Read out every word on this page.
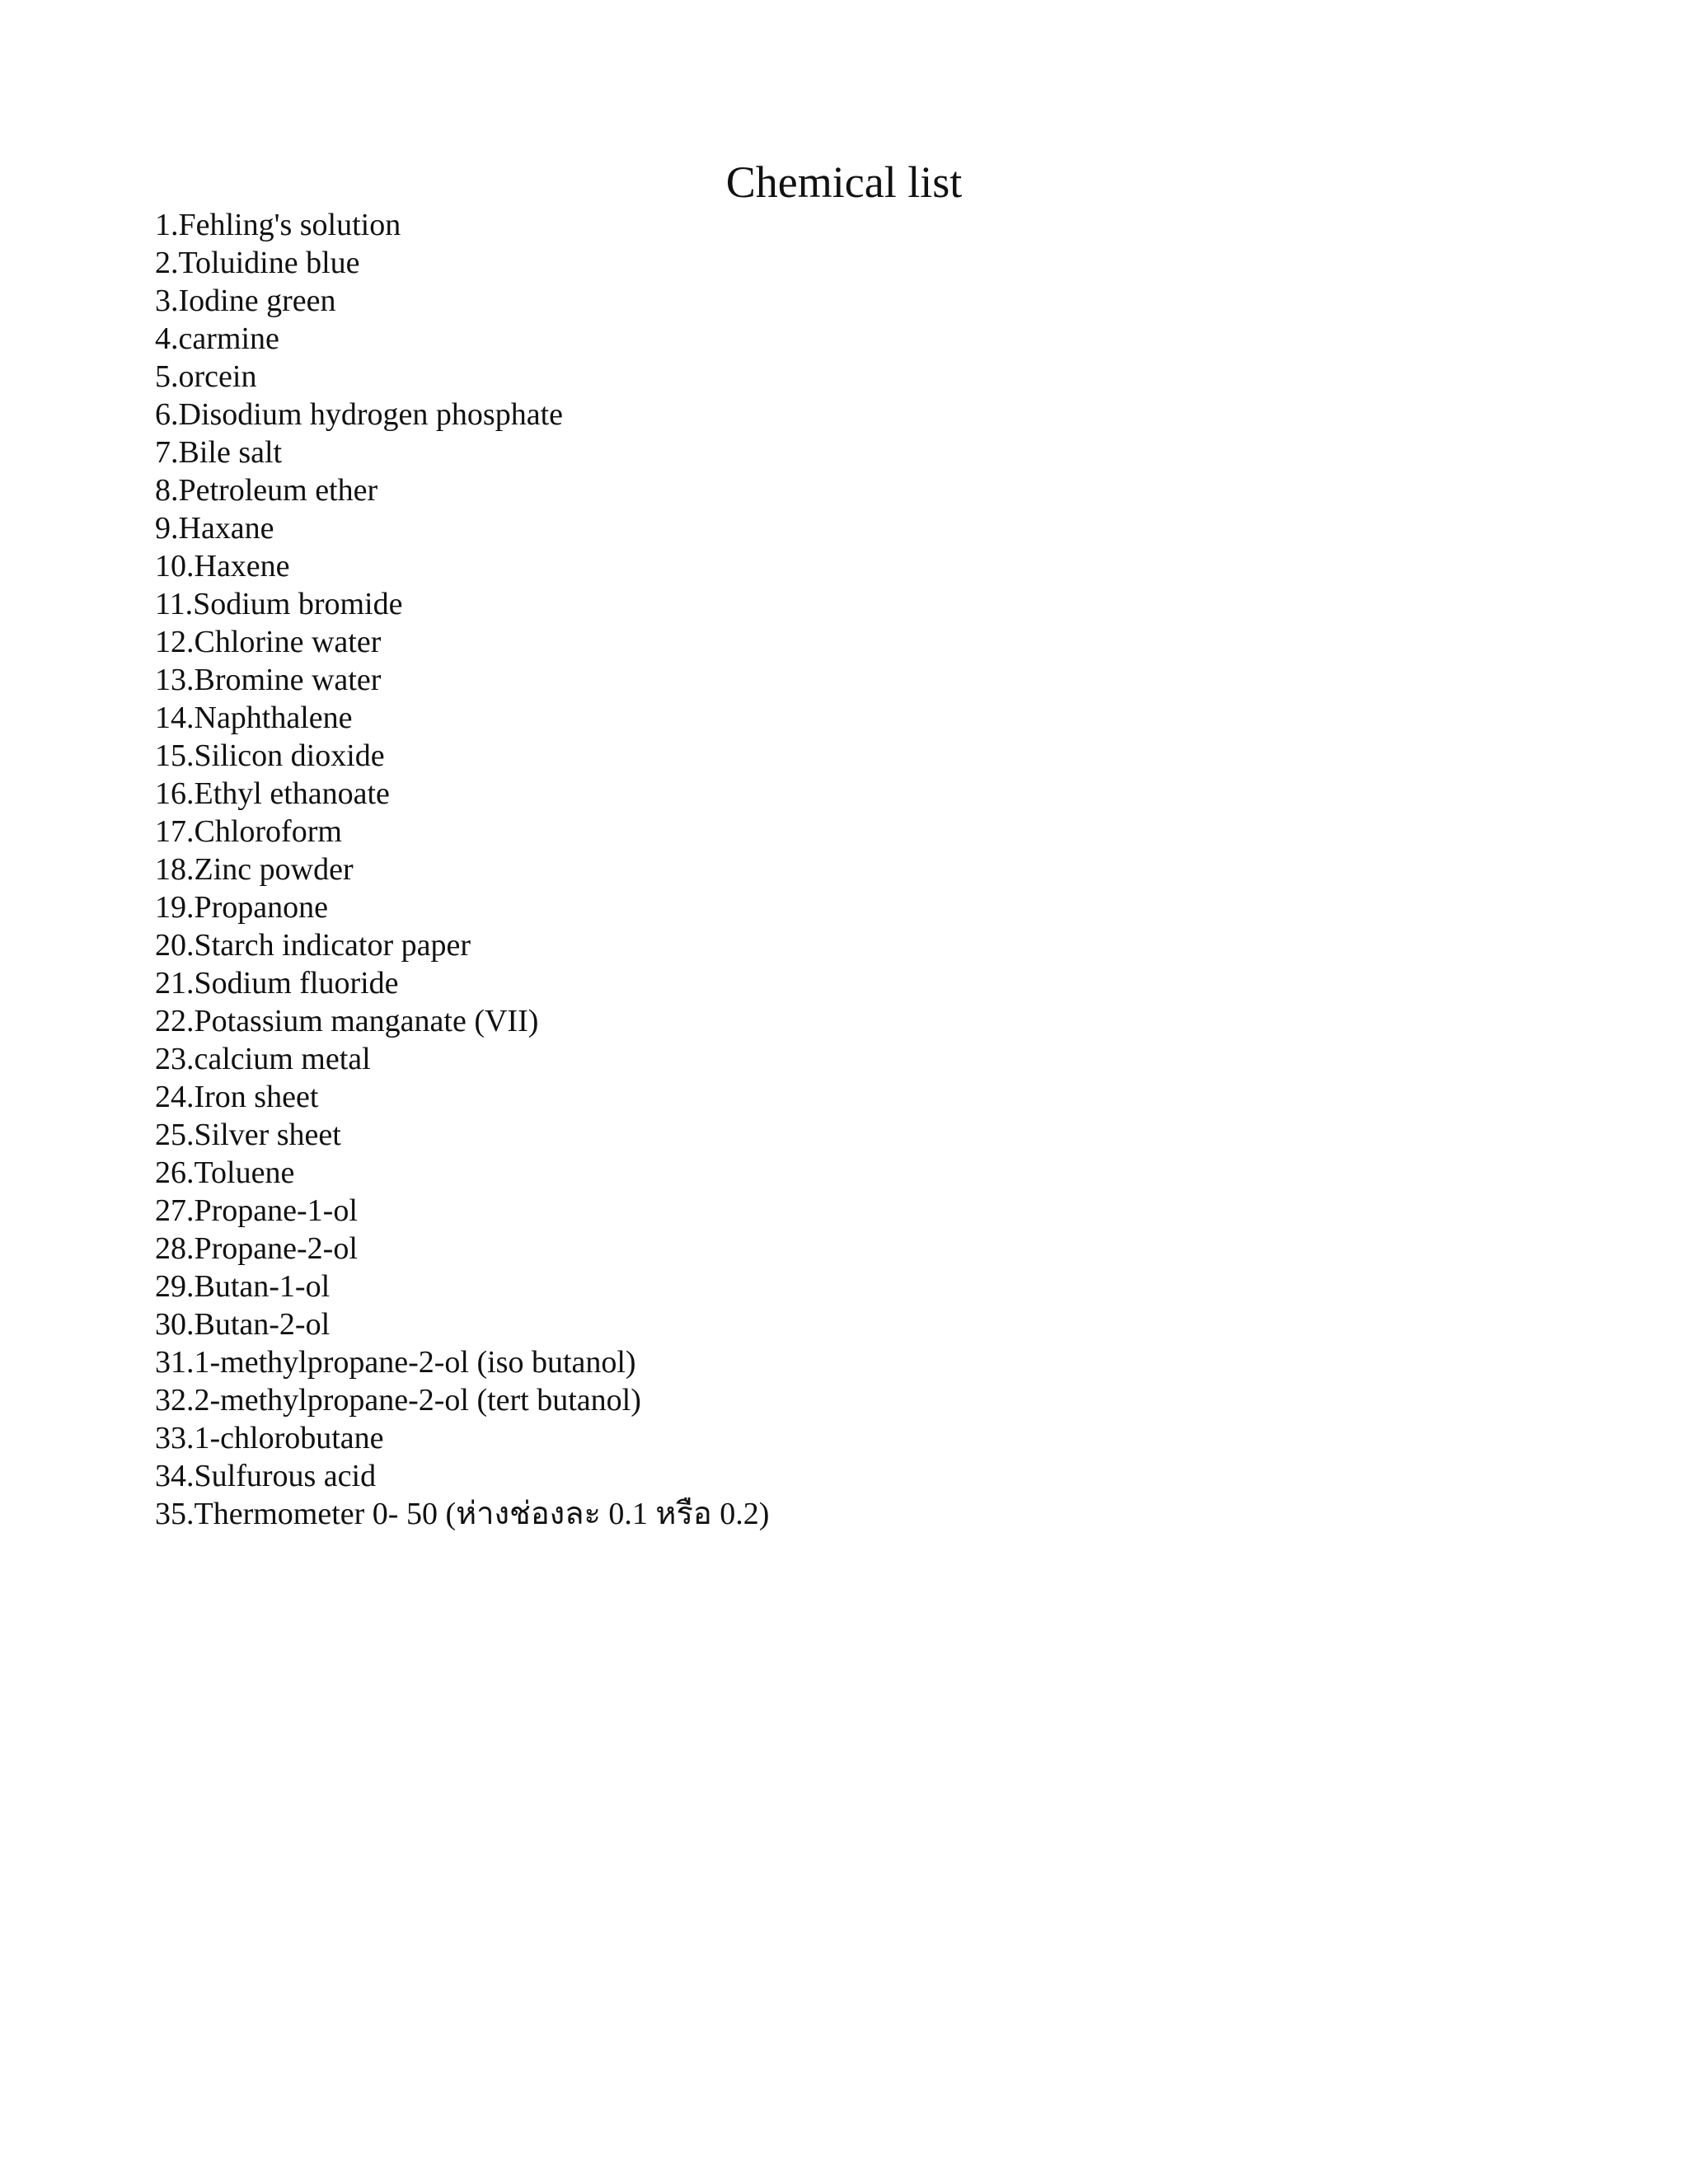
Chemical list
1.Fehling's solution
2.Toluidine blue
3.Iodine green
4.carmine
5.orcein
6.Disodium hydrogen phosphate
7.Bile salt
8.Petroleum ether
9.Haxane
10.Haxene
11.Sodium bromide
12.Chlorine water
13.Bromine water
14.Naphthalene
15.Silicon dioxide
16.Ethyl ethanoate
17.Chloroform
18.Zinc powder
19.Propanone
20.Starch indicator paper
21.Sodium fluoride
22.Potassium manganate (VII)
23.calcium metal
24.Iron sheet
25.Silver sheet
26.Toluene
27.Propane-1-ol
28.Propane-2-ol
29.Butan-1-ol
30.Butan-2-ol
31.1-methylpropane-2-ol (iso butanol)
32.2-methylpropane-2-ol (tert butanol)
33.1-chlorobutane
34.Sulfurous acid
35.Thermometer 0- 50 (ห่างช่องละ 0.1 หรือ 0.2)
